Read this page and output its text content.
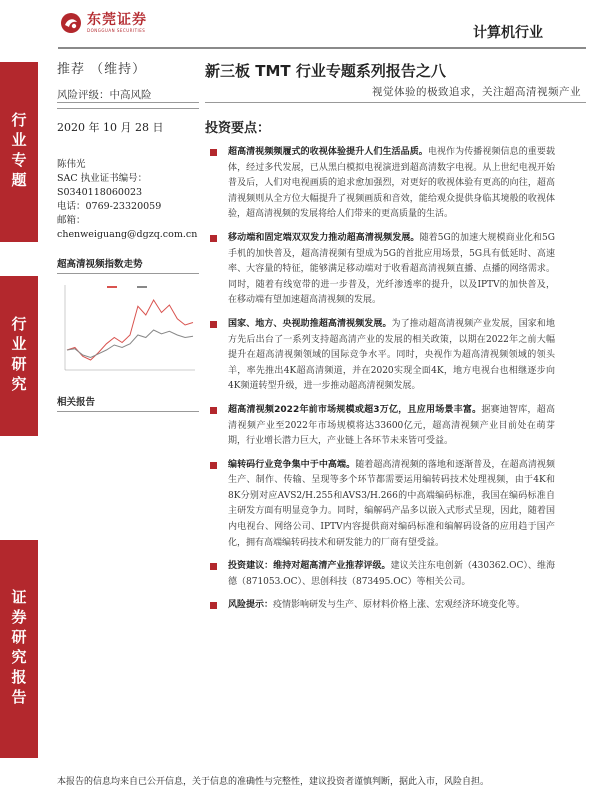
东莞证券
DONGGUAN SECURITIES	计算机行业
行业专题
行业研究
证券研究报告
推荐 （维持）
风险评级：中高风险
2020 年 10 月 28 日
陈伟光
SAC 执业证书编号：
S0340118060023
电话：0769-23320059
邮箱：
chenweiguang@dgzq.com.cn
超高清视频指数走势
相关报告
新三板 TMT 行业专题系列报告之八
视觉体验的极致追求，关注超高清视频产业
投资要点：
超高清视频频履式的收视体验提升人们生活品质。电视作为传播视频信息的重要载体，经过多代发展，已从黑白模拟电视演进到超高清数字电视。从上世纪电视开始普及后，人们对电视画质的追求愈加强烈，对更好的收视体验有更高的向往，超高清视频则从全方位大幅提升了视频画质和音效，能给观众提供身临其境般的收视体验，超高清视频的发展将给人们带来的更高质量的生活。
移动端和固定端双双发力推动超高清视频发展。随着5G的加速大规模商业化和5G手机的加快普及，超高清视频有望成为5G的首批应用场景，5G具有低延时、高速率、大容量的特征，能够满足移动端对于收看超高清视频直播、点播的网络需求。同时，随着有线宽带的进一步普及，光纤渗透率的提升，以及IPTV的加快普及，在移动端有望加速超高清视频的发展。
国家、地方、央视助推超高清视频发展。为了推动超高清视频产业发展，国家和地方先后出台了一系列支持超高清产业的发展的相关政策，以期在2022年之前大幅提升在超高清视频领域的国际竞争水平。同时，央视作为超高清视频领域的领头羊，率先推出4K超高清频道，并在2020实现全面4K，地方电视台也相继逐步向4K频道转型升级，进一步推动超高清视频发展。
超高清视频2022年前市场规模或超3万亿，且应用场景丰富。据赛迪智库，超高清视频产业至2022年市场规模将达33600亿元，超高清视频产业目前处在萌芽期，行业增长潜力巨大，产业链上各环节未来皆可受益。
编转码行业竞争集中于中高端。随着超高清视频的落地和逐渐普及，在超高清视频生产、制作、传输、呈现等多个环节都需要运用编转码技术处理视频，由于4K和8K分别对应AVS2/H.255和AVS3/H.266的中高端编码标准，我国在编码标准自主研发方面有明显竞争力。同时，编解码产品多以嵌入式形式呈现，因此，随着国内电视台、网络公司、IPTV内容提供商对编码标准和编解码设备的应用趋于国产化，拥有高端编转码技术和研发能力的厂商有望受益。
投资建议：维持对超高清产业推荐评级。建议关注东电创新（430362.OC）、维海德（871053.OC）、思创科技（873495.OC）等相关公司。
风险提示：疫情影响研发与生产、原材料价格上涨、宏观经济环境变化等。
本报告的信息均来自已公开信息，关于信息的准确性与完整性，建议投资者谨慎判断，据此入市，风险自担。
